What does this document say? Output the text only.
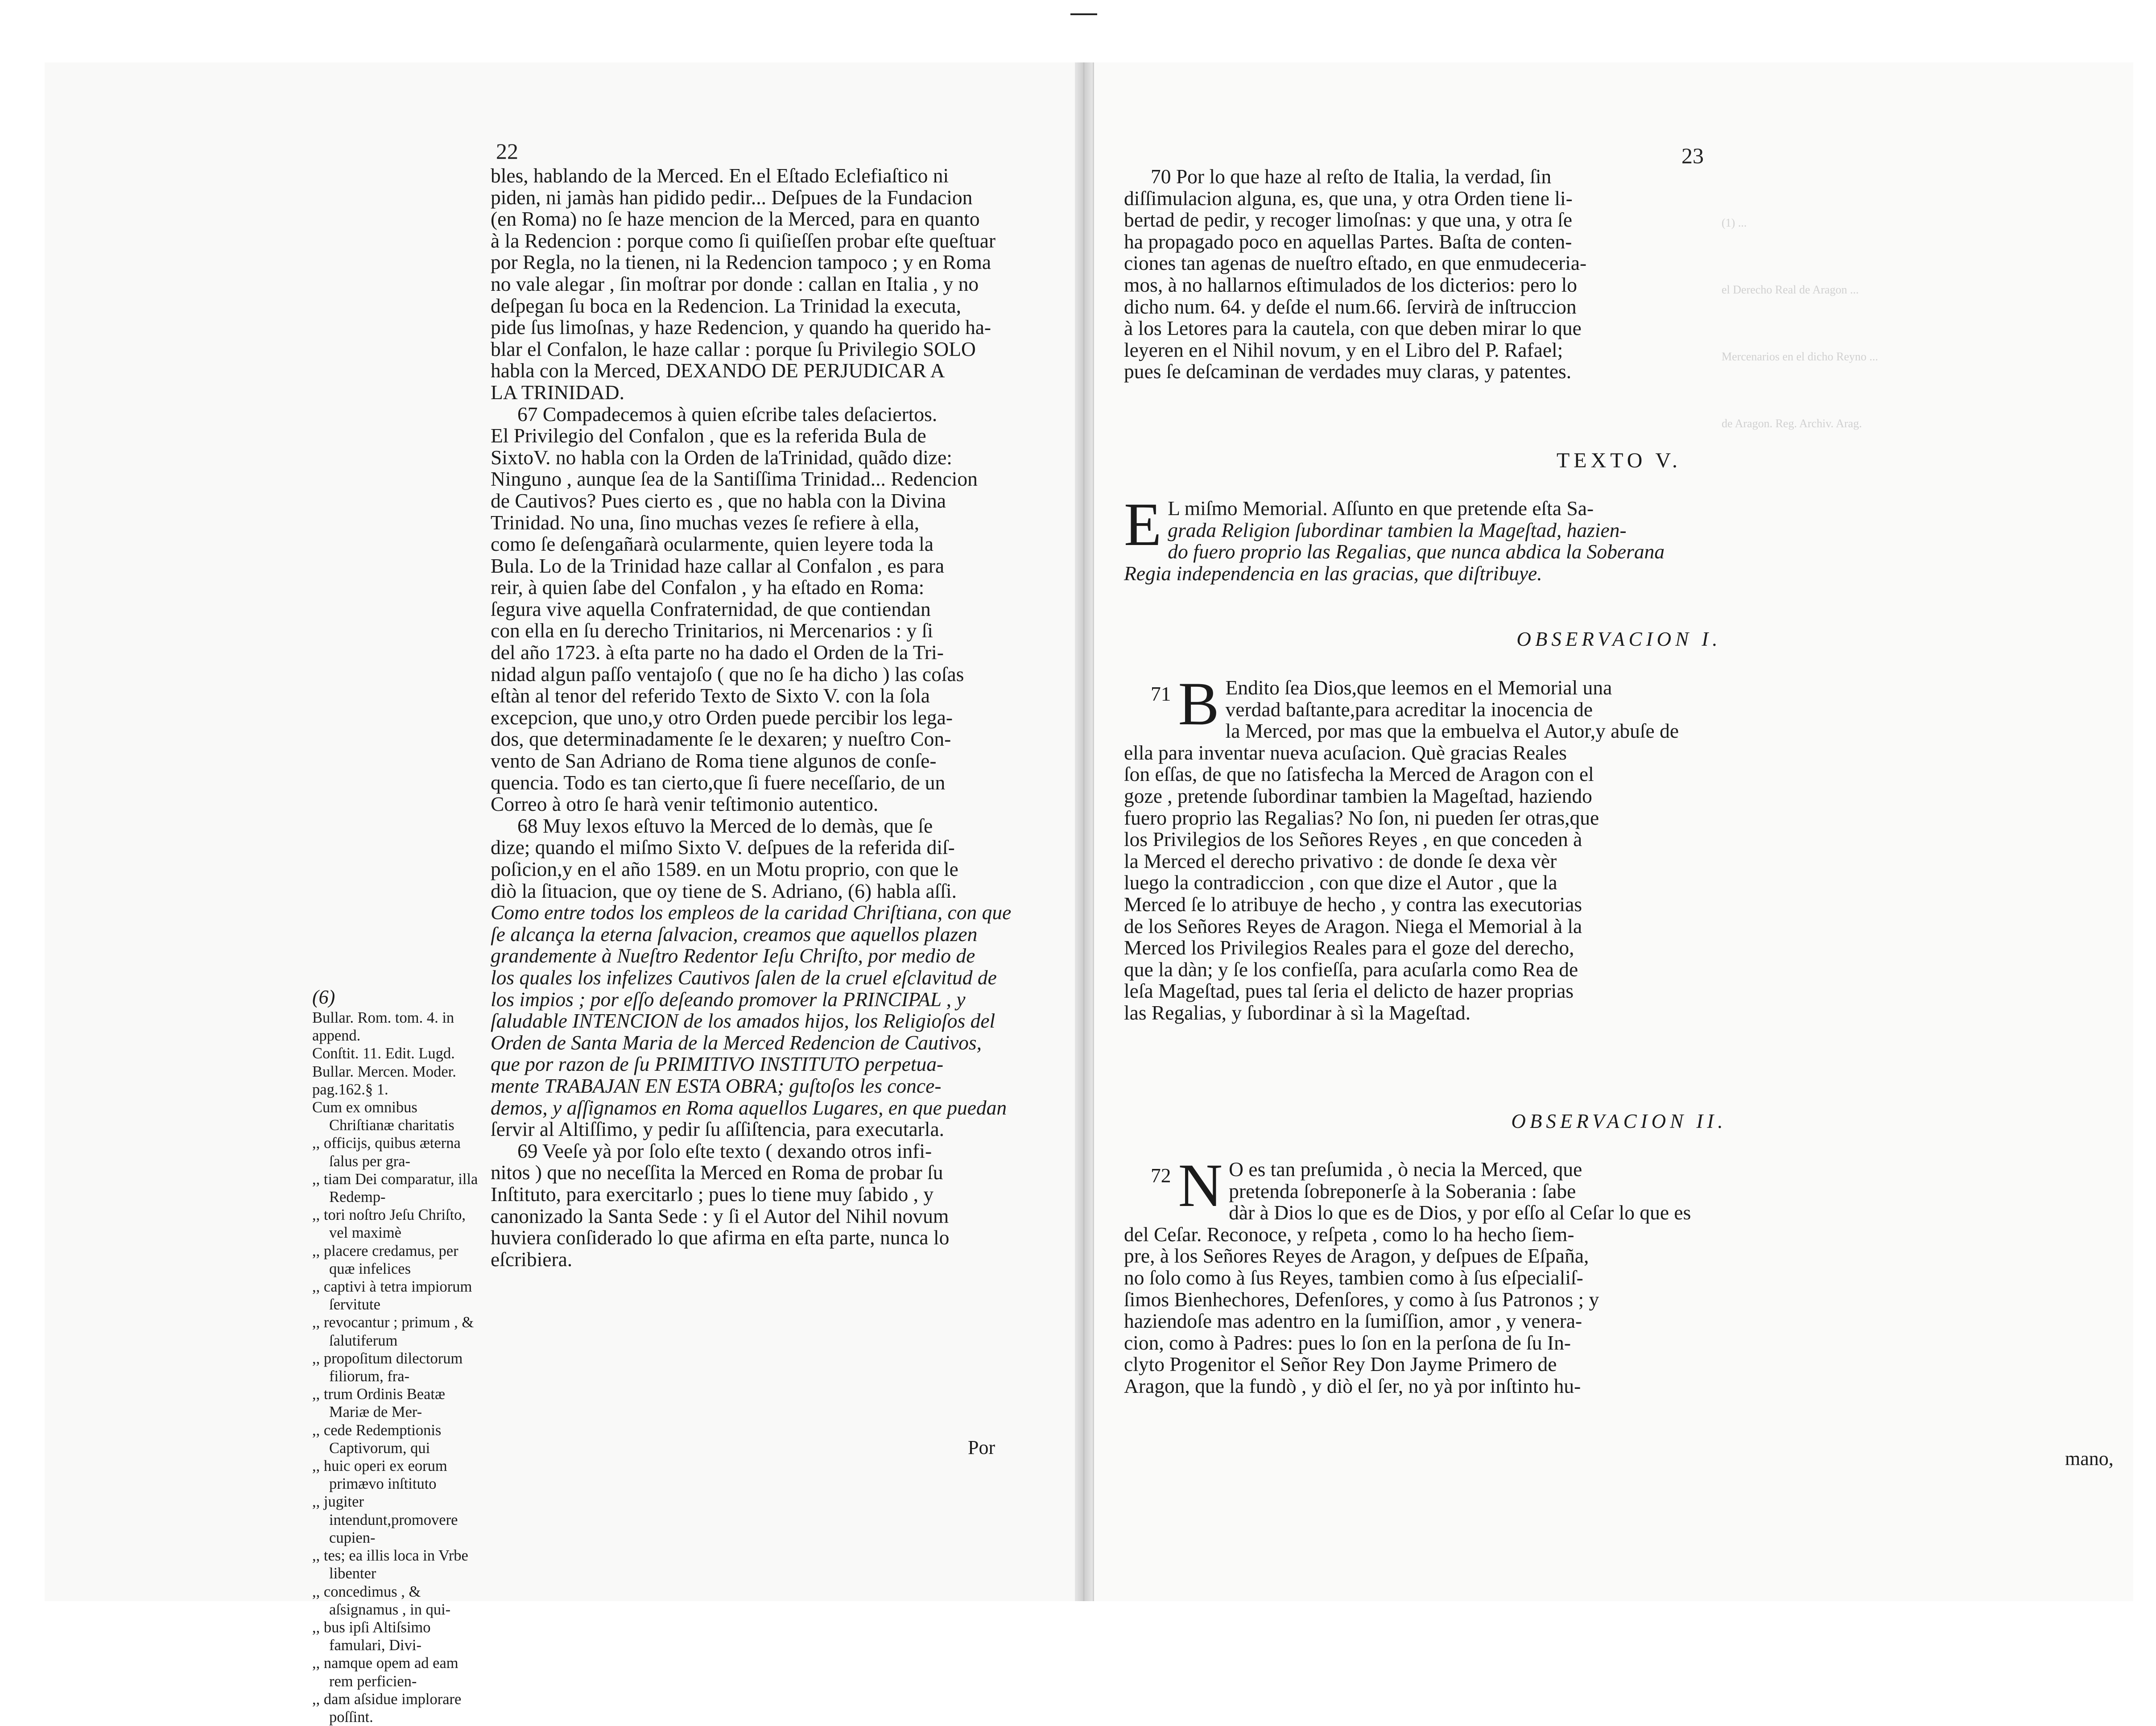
(1) ...
el Derecho Real de Aragon ...
Mercenarios en el dicho Reyno ...
de Aragon. Reg. Archiv. Arag.
22

bles, hablando de la Merced. En el Eſtado Eclefiaſtico ni

piden, ni jamàs han pidido pedir... Deſpues de la Fundacion

(en Roma) no ſe haze mencion de la Merced, para en quanto

à la Redencion : porque como ſi quiſieſſen probar eſte queſtuar

por Regla, no la tienen, ni la Redencion tampoco ; y en Roma

no vale alegar , ſin moſtrar por donde : callan en Italia , y no

deſpegan ſu boca en la Redencion. La Trinidad la executa,

pide ſus limoſnas, y haze Redencion, y quando ha querido ha-

blar el Confalon, le haze callar : porque ſu Privilegio SOLO

habla con la Merced, DEXANDO DE PERJUDICAR A

LA TRINIDAD.

67 Compadecemos à quien eſcribe tales deſaciertos.

El Privilegio del Confalon , que es la referida Bula de

SixtoV. no habla con la Orden de laTrinidad, quãdo dize:

Ninguno , aunque ſea de la Santiſſima Trinidad... Redencion

de Cautivos? Pues cierto es , que no habla con la Divina

Trinidad. No una, ſino muchas vezes ſe refiere à ella,

como ſe deſengañarà ocularmente, quien leyere toda la

Bula. Lo de la Trinidad haze callar al Confalon , es para

reir, à quien ſabe del Confalon , y ha eſtado en Roma:

ſegura vive aquella Confraternidad, de que contiendan

con ella en ſu derecho Trinitarios, ni Mercenarios : y ſi

del año 1723. à eſta parte no ha dado el Orden de la Tri-

nidad algun paſſo ventajoſo ( que no ſe ha dicho ) las coſas

eſtàn al tenor del referido Texto de Sixto V. con la ſola

excepcion, que uno,y otro Orden puede percibir los lega-

dos, que determinadamente ſe le dexaren; y nueſtro Con-

vento de San Adriano de Roma tiene algunos de conſe-

quencia. Todo es tan cierto,que ſi fuere neceſſario, de un

Correo à otro ſe harà venir teſtimonio autentico.

68 Muy lexos eſtuvo la Merced de lo demàs, que ſe

dize; quando el miſmo Sixto V. deſpues de la referida diſ-

poſicion,y en el año 1589. en un Motu proprio, con que le

diò la ſituacion, que oy tiene de S. Adriano, (6) habla aſſi.

Como entre todos los empleos de la caridad Chriſtiana, con que

ſe alcança la eterna ſalvacion, creamos que aquellos plazen

grandemente à Nueſtro Redentor Ieſu Chriſto, por medio de

los quales los infelizes Cautivos ſalen de la cruel eſclavitud de

los impios ; por eſſo deſeando promover la PRINCIPAL , y

ſaludable INTENCION de los amados hijos, los Religioſos del

Orden de Santa Maria de la Merced Redencion de Cautivos,

que por razon de ſu PRIMITIVO INSTITUTO perpetua-

mente TRABAJAN EN ESTA OBRA; guſtoſos les conce-

demos, y aſſignamos en Roma aquellos Lugares, en que puedan

ſervir al Altiſſimo, y pedir ſu aſſiſtencia, para executarla.

69 Veeſe yà por ſolo eſte texto ( dexando otros infi-

nitos ) que no neceſſita la Merced en Roma de probar ſu

Inſtituto, para exercitarlo ; pues lo tiene muy ſabido , y

canonizado la Santa Sede : y ſi el Autor del Nihil novum

huviera conſiderado lo que afirma en eſta parte, nunca lo

eſcribiera.

(6)

Bullar. Rom. tom. 4. in append.

Conſtit. 11. Edit. Lugd.

Bullar. Mercen. Moder. pag.162.§ 1.

Cum ex omnibus Chriſtianæ charitatis

,, officijs, quibus æterna ſalus per gra-

,, tiam Dei comparatur, illa Redemp-

,, tori noſtro Jeſu Chriſto, vel maximè

,, placere credamus, per quæ infelices

,, captivi à tetra impiorum ſervitute

,, revocantur ; primum , & ſalutiferum

,, propoſitum dilectorum filiorum, fra-

,, trum Ordinis Beatæ Mariæ de Mer-

,, cede Redemptionis Captivorum, qui

,, huic operi ex eorum primævo inſtituto

,, jugiter intendunt,promovere cupien-

,, tes; ea illis loca in Vrbe libenter

,, concedimus , & aſsignamus , in qui-

,, bus ipſi Altiſsimo famulari, Divi-

,, namque opem ad eam rem perficien-

,, dam aſsidue implorare poſſint.

Por
23

70 Por lo que haze al reſto de Italia, la verdad, ſin

diſſimulacion alguna, es, que una, y otra Orden tiene li-

bertad de pedir, y recoger limoſnas: y que una, y otra ſe

ha propagado poco en aquellas Partes. Baſta de conten-

ciones tan agenas de nueſtro eſtado, en que enmudeceria-

mos, à no hallarnos eſtimulados de los dicterios: pero lo

dicho num. 64. y deſde el num.66. ſervirà de inſtruccion

à los Letores para la cautela, con que deben mirar lo que

leyeren en el Nihil novum, y en el Libro del P. Rafael;

pues ſe deſcaminan de verdades muy claras, y patentes.

TEXTO V.
E L miſmo Memorial. Aſſunto en que pretende eſta Sa-

grada Religion ſubordinar tambien la Mageſtad, hazien-

do fuero proprio las Regalias, que nunca abdica la Soberana

Regia independencia en las gracias, que diſtribuye.

OBSERVACION I.
71 B Endito ſea Dios,que leemos en el Memorial una

verdad baſtante,para acreditar la inocencia de

la Merced, por mas que la embuelva el Autor,y abuſe de

ella para inventar nueva acuſacion. Què gracias Reales

ſon eſſas, de que no ſatisfecha la Merced de Aragon con el

goze , pretende ſubordinar tambien la Mageſtad, haziendo

fuero proprio las Regalias? No ſon, ni pueden ſer otras,que

los Privilegios de los Señores Reyes , en que conceden à

la Merced el derecho privativo : de donde ſe dexa vèr

luego la contradiccion , con que dize el Autor , que la

Merced ſe lo atribuye de hecho , y contra las executorias

de los Señores Reyes de Aragon. Niega el Memorial à la

Merced los Privilegios Reales para el goze del derecho,

que la dàn; y ſe los confieſſa, para acuſarla como Rea de

leſa Mageſtad, pues tal ſeria el delicto de hazer proprias

las Regalias, y ſubordinar à sì la Mageſtad.

OBSERVACION II.
72 N O es tan preſumida , ò necia la Merced, que

pretenda ſobreponerſe à la Soberania : ſabe

dàr à Dios lo que es de Dios, y por eſſo al Ceſar lo que es

del Ceſar. Reconoce, y reſpeta , como lo ha hecho ſiem-

pre, à los Señores Reyes de Aragon, y deſpues de Eſpaña,

no ſolo como à ſus Reyes, tambien como à ſus eſpecialiſ-

ſimos Bienhechores, Defenſores, y como à ſus Patronos ; y

haziendoſe mas adentro en la ſumiſſion, amor , y venera-

cion, como à Padres: pues lo ſon en la perſona de ſu In-

clyto Progenitor el Señor Rey Don Jayme Primero de

Aragon, que la fundò , y diò el ſer, no yà por inſtinto hu-

mano,
